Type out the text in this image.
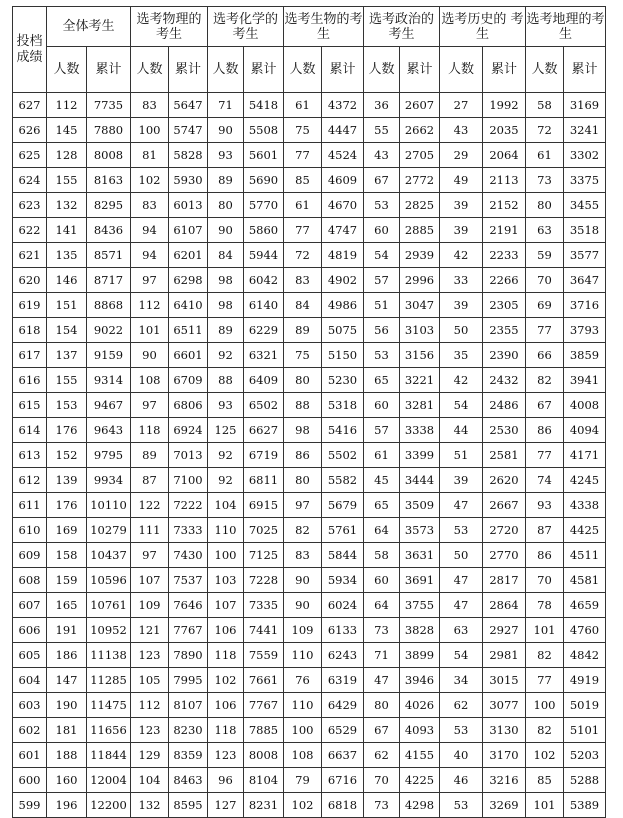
投档成绩	全体考生		选考物理的考生		选考化学的考生		选考生物的考生		选考政治的考生		选考历史的 考生		选考地理的考生	
	人数	累计	人数	累计	人数	累计	人数	累计	人数	累计	人数	累计	人数	累计
627	112	7735	83	5647	71	5418	61	4372	36	2607	27	1992	58	3169
626	145	7880	100	5747	90	5508	75	4447	55	2662	43	2035	72	3241
625	128	8008	81	5828	93	5601	77	4524	43	2705	29	2064	61	3302
624	155	8163	102	5930	89	5690	85	4609	67	2772	49	2113	73	3375
623	132	8295	83	6013	80	5770	61	4670	53	2825	39	2152	80	3455
622	141	8436	94	6107	90	5860	77	4747	60	2885	39	2191	63	3518
621	135	8571	94	6201	84	5944	72	4819	54	2939	42	2233	59	3577
620	146	8717	97	6298	98	6042	83	4902	57	2996	33	2266	70	3647
619	151	8868	112	6410	98	6140	84	4986	51	3047	39	2305	69	3716
618	154	9022	101	6511	89	6229	89	5075	56	3103	50	2355	77	3793
617	137	9159	90	6601	92	6321	75	5150	53	3156	35	2390	66	3859
616	155	9314	108	6709	88	6409	80	5230	65	3221	42	2432	82	3941
615	153	9467	97	6806	93	6502	88	5318	60	3281	54	2486	67	4008
614	176	9643	118	6924	125	6627	98	5416	57	3338	44	2530	86	4094
613	152	9795	89	7013	92	6719	86	5502	61	3399	51	2581	77	4171
612	139	9934	87	7100	92	6811	80	5582	45	3444	39	2620	74	4245
611	176	10110	122	7222	104	6915	97	5679	65	3509	47	2667	93	4338
610	169	10279	111	7333	110	7025	82	5761	64	3573	53	2720	87	4425
609	158	10437	97	7430	100	7125	83	5844	58	3631	50	2770	86	4511
608	159	10596	107	7537	103	7228	90	5934	60	3691	47	2817	70	4581
607	165	10761	109	7646	107	7335	90	6024	64	3755	47	2864	78	4659
606	191	10952	121	7767	106	7441	109	6133	73	3828	63	2927	101	4760
605	186	11138	123	7890	118	7559	110	6243	71	3899	54	2981	82	4842
604	147	11285	105	7995	102	7661	76	6319	47	3946	34	3015	77	4919
603	190	11475	112	8107	106	7767	110	6429	80	4026	62	3077	100	5019
602	181	11656	123	8230	118	7885	100	6529	67	4093	53	3130	82	5101
601	188	11844	129	8359	123	8008	108	6637	62	4155	40	3170	102	5203
600	160	12004	104	8463	96	8104	79	6716	70	4225	46	3216	85	5288
599	196	12200	132	8595	127	8231	102	6818	73	4298	53	3269	101	5389
